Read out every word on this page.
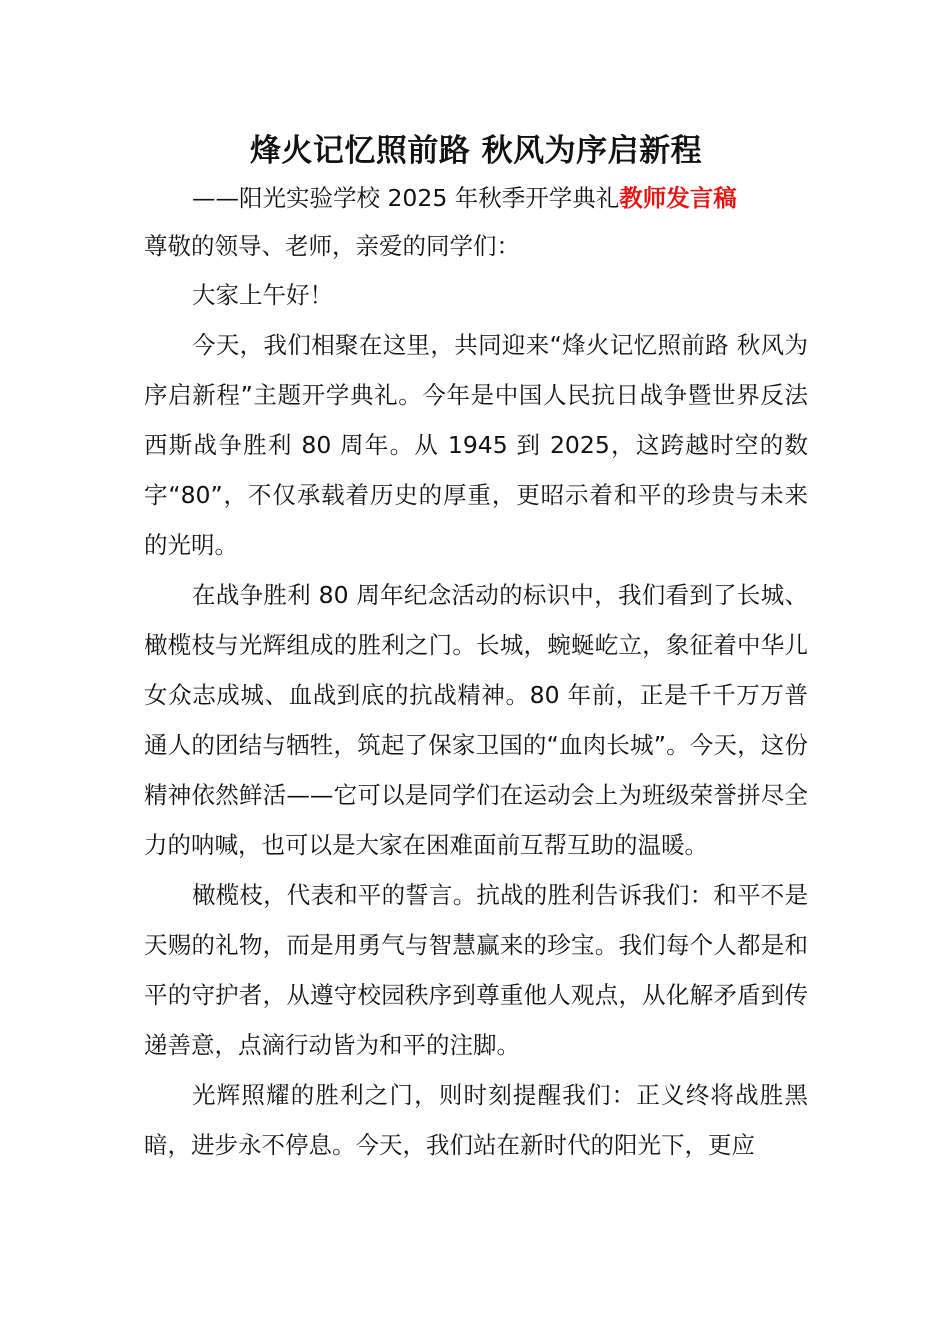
烽火记忆照前路 秋风为序启新程

——阳光实验学校 2025 年秋季开学典礼教师发言稿

尊敬的领导、老师，亲爱的同学们：

大家上午好！

今天，我们相聚在这里，共同迎来“烽火记忆照前路 秋风为序启新程”主题开学典礼。今年是中国人民抗日战争暨世界反法西斯战争胜利 80 周年。从 1945 到 2025，这跨越时空的数字“80”，不仅承载着历史的厚重，更昭示着和平的珍贵与未来的光明。

在战争胜利 80 周年纪念活动的标识中，我们看到了长城、橄榄枝与光辉组成的胜利之门。长城，蜿蜒屹立，象征着中华儿女众志成城、血战到底的抗战精神。80 年前，正是千千万万普通人的团结与牺牲，筑起了保家卫国的“血肉长城”。今天，这份精神依然鲜活——它可以是同学们在运动会上为班级荣誉拼尽全力的呐喊，也可以是大家在困难面前互帮互助的温暖。

橄榄枝，代表和平的誓言。抗战的胜利告诉我们：和平不是天赐的礼物，而是用勇气与智慧赢来的珍宝。我们每个人都是和平的守护者，从遵守校园秩序到尊重他人观点，从化解矛盾到传递善意，点滴行动皆为和平的注脚。

光辉照耀的胜利之门，则时刻提醒我们：正义终将战胜黑暗，进步永不停息。今天，我们站在新时代的阳光下，更应
